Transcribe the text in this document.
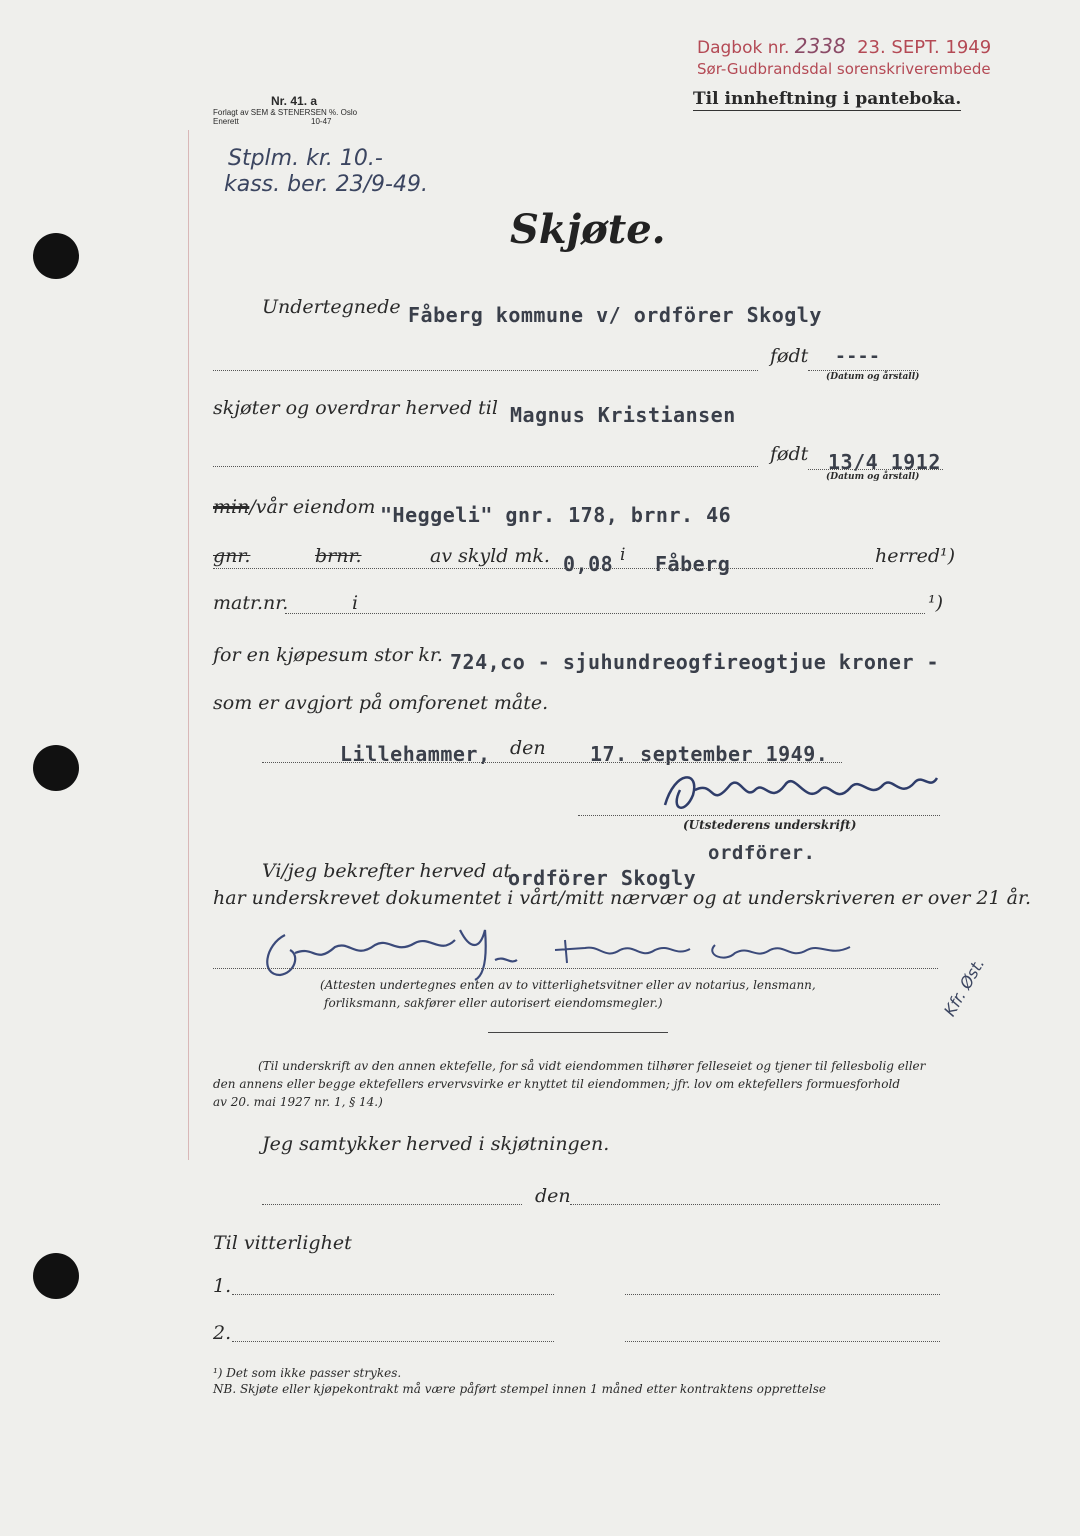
Dagbok nr. 2338 23. SEPT. 1949
Sør-Gudbrandsdal sorenskriverembede
Til innheftning i panteboka.
Nr. 41. a
Forlagt av SEM & STENERSEN %. Oslo
Enerett	10-47
Stplm. kr. 10.-
kass. ber. 23/9-49.
Skjøte.
Undertegnede Fåberg kommune v/ ordförer Skogly
født ----
(Datum og årstall)
skjøter og overdrar herved til Magnus Kristiansen
født 13/4 1912
(Datum og årstall)
min/vår eiendom "Heggeli" gnr. 178, brnr. 46
gnr.	brnr.	av skyld mk. 0,08 i Fåberg	herred¹)
matr.nr.	i	¹)
for en kjøpesum stor kr. 724,co - sjuhundreogfireogtjue kroner -
som er avgjort på omforenet måte.
Lillehammer, den 17. september 1949.
(Utstederens underskrift)
ordförer.
Vi/jeg bekrefter herved at
ordförer Skogly
har underskrevet dokumentet i vårt/mitt nærvær og at underskriveren er over 21 år.
(Attesten undertegnes enten av to vitterlighetsvitner eller av notarius, lensmann,
forliksmann, sakfører eller autorisert eiendomsmegler.)	Kfr. Øst.
(Til underskrift av den annen ektefelle, for så vidt eiendommen tilhører felleseiet og tjener til fellesbolig eller
den annens eller begge ektefellers ervervsvirke er knyttet til eiendommen; jfr. lov om ektefellers formuesforhold
av 20. mai 1927 nr. 1, § 14.)
Jeg samtykker herved i skjøtningen.
den
Til vitterlighet
1.
2.
¹) Det som ikke passer strykes.
NB. Skjøte eller kjøpekontrakt må være påført stempel innen 1 måned etter kontraktens opprettelse
